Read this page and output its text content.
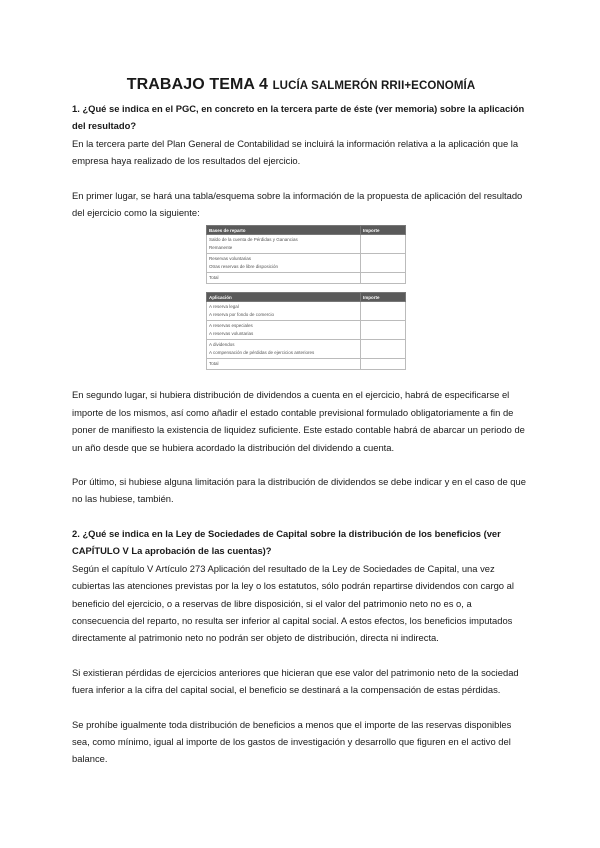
TRABAJO TEMA 4 LUCÍA SALMERÓN RRII+ECONOMÍA

1. ¿Qué se indica en el PGC, en concreto en la tercera parte de éste (ver memoria) sobre la aplicación del resultado?

En la tercera parte del Plan General de Contabilidad se incluirá la información relativa a la aplicación que la empresa haya realizado de los resultados del ejercicio.

En primer lugar, se hará una tabla/esquema sobre la información de la propuesta de aplicación del resultado del ejercicio como la siguiente:

Bases de reparto	Importe

Saldo de la cuenta de Pérdidas y Ganancias
Remanente	

Reservas voluntarias
Otras reservas de libre disposición	

Total	

Aplicación	Importe

A reserva legal
A reserva por fondo de comercio	

A reservas especiales
A reservas voluntarias	

A dividendos
A compensación de pérdidas de ejercicios anteriores	

Total	

En segundo lugar, si hubiera distribución de dividendos a cuenta en el ejercicio, habrá de especificarse el importe de los mismos, así como añadir el estado contable previsional formulado obligatoriamente a fin de poner de manifiesto la existencia de liquidez suficiente. Este estado contable habrá de abarcar un periodo de un año desde que se hubiera acordado la distribución del dividendo a cuenta.

Por último, si hubiese alguna limitación para la distribución de dividendos se debe indicar y en el caso de que no las hubiese, también.

2. ¿Qué se indica en la Ley de Sociedades de Capital sobre la distribución de los beneficios (ver CAPÍTULO V La aprobación de las cuentas)?

Según el capítulo V Artículo 273 Aplicación del resultado de la Ley de Sociedades de Capital, una vez cubiertas las atenciones previstas por la ley o los estatutos, sólo podrán repartirse dividendos con cargo al beneficio del ejercicio, o a reservas de libre disposición, si el valor del patrimonio neto no es o, a consecuencia del reparto, no resulta ser inferior al capital social. A estos efectos, los beneficios imputados directamente al patrimonio neto no podrán ser objeto de distribución, directa ni indirecta.

Si existieran pérdidas de ejercicios anteriores que hicieran que ese valor del patrimonio neto de la sociedad fuera inferior a la cifra del capital social, el beneficio se destinará a la compensación de estas pérdidas.

Se prohíbe igualmente toda distribución de beneficios a menos que el importe de las reservas disponibles sea, como mínimo, igual al importe de los gastos de investigación y desarrollo que figuren en el activo del balance.
